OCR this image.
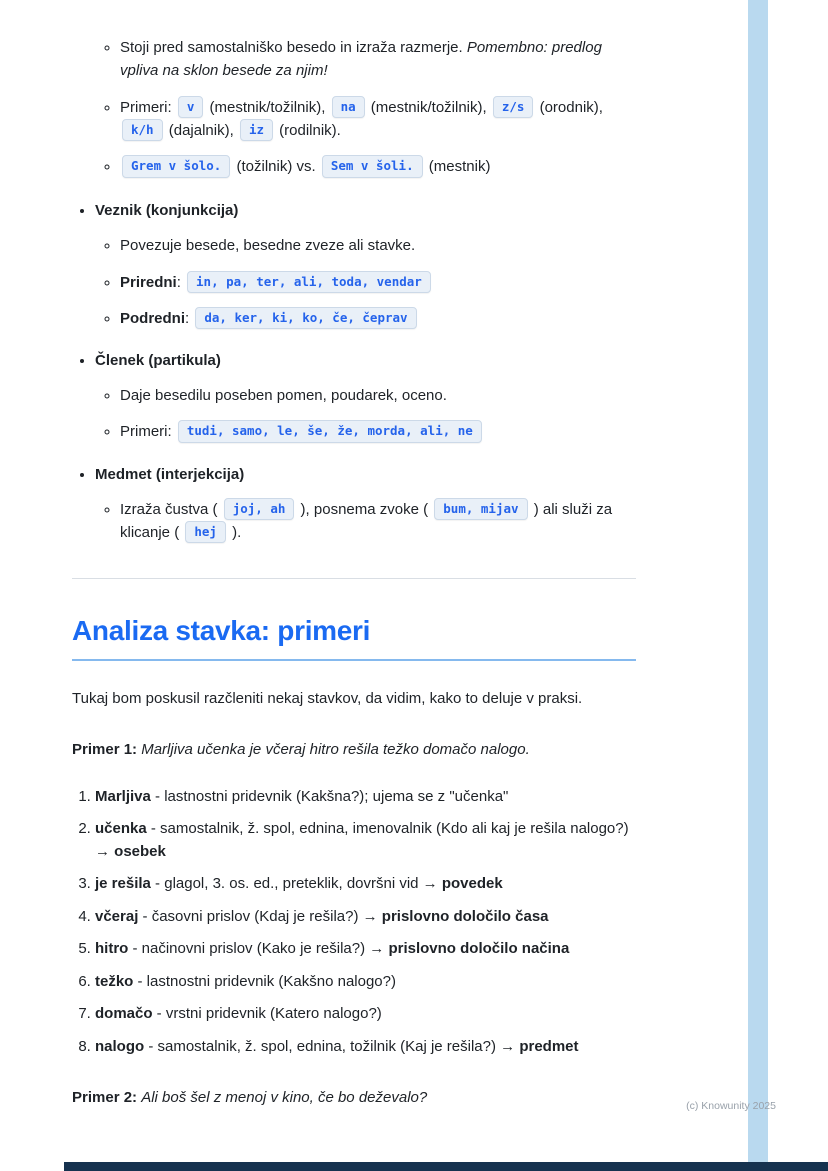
◦ Stoji pred samostalniško besedo in izraža razmerje. Pomembno: predlog vpliva na sklon besede za njim!
◦ Primeri: v (mestnik/tožilnik), na (mestnik/tožilnik), z/s (orodnik), k/h (dajalnik), iz (rodilnik).
◦ Grem v šolo. (tožilnik) vs. Sem v šoli. (mestnik)
• Veznik (konjunkcija)
◦ Povezuje besede, besedne zveze ali stavke.
◦ Priredni: in, pa, ter, ali, toda, vendar
◦ Podredni: da, ker, ki, ko, če, čeprav
• Členek (partikula)
◦ Daje besedilu poseben pomen, poudarek, oceno.
◦ Primeri: tudi, samo, le, še, že, morda, ali, ne
• Medmet (interjekcija)
◦ Izraža čustva ( joj, ah ), posnema zvoke ( bum, mijav ) ali služi za klicanje ( hej ).
Analiza stavka: primeri

Tukaj bom poskusil razčleniti nekaj stavkov, da vidim, kako to deluje v praksi.

Primer 1: Marljiva učenka je včeraj hitro rešila težko domačo nalogo.

1. Marljiva - lastnostni pridevnik (Kakšna?); ujema se z "učenka"
2. učenka - samostalnik, ž. spol, ednina, imenovalnik (Kdo ali kaj je rešila nalogo?) → osebek
3. je rešila - glagol, 3. os. ed., preteklik, dovršni vid → povedek
4. včeraj - časovni prislov (Kdaj je rešila?) → prislovno določilo časa
5. hitro - načinovni prislov (Kako je rešila?) → prislovno določilo načina
6. težko - lastnostni pridevnik (Kakšno nalogo?)
7. domačo - vrstni pridevnik (Katero nalogo?)
8. nalogo - samostalnik, ž. spol, ednina, tožilnik (Kaj je rešila?) → predmet

Primer 2: Ali boš šel z menoj v kino, če bo deževalo?	(c) Knowunity 2025
